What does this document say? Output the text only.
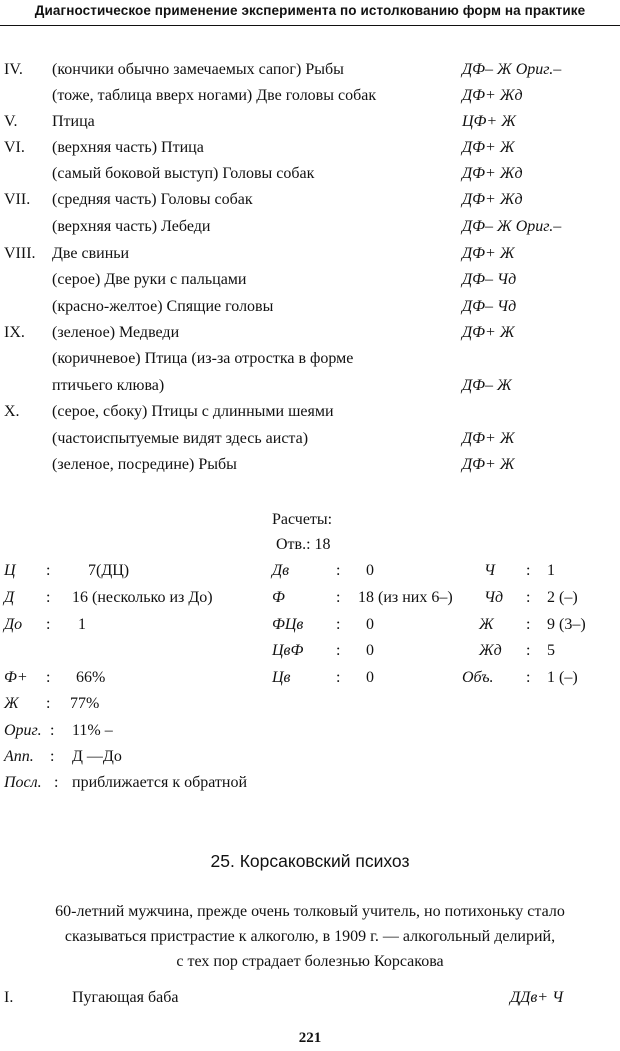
Диагностическое применение эксперимента по истолкованию форм на практике
IV. (кончики обычно замечаемых сапог) Рыбы	ДФ– Ж Ориг.–
(тоже, таблица вверх ногами) Две головы собак	ДФ+ Жд
V. Птица	ЦФ+ Ж
VI. (верхняя часть) Птица	ДФ+ Ж
(самый боковой выступ) Головы собак	ДФ+ Жд
VII. (средняя часть) Головы собак	ДФ+ Жд
(верхняя часть) Лебеди	ДФ– Ж Ориг.–
VIII. Две свиньи	ДФ+ Ж
(серое) Две руки с пальцами	ДФ– Чд
(красно-желтое) Спящие головы	ДФ– Чд
IX. (зеленое) Медведи	ДФ+ Ж
(коричневое) Птица (из-за отростка в форме
птичьего клюва)	ДФ– Ж
X. (серое, сбоку) Птицы с длинными шеями
(частоиспытуемые видят здесь аиста)	ДФ+ Ж
(зеленое, посредине) Рыбы	ДФ+ Ж
Расчеты:
Отв.: 18
Ц : 7(ДЦ)
Д : 16 (несколько из До)
До : 1
Дв	: 0
Ф	: 18 (из них 6–)
ФЦв : 0
ЦвФ : 0
Цв	: 0
Ч : 1
Чд : 2 (–)
Ж : 9 (3–)
Жд : 5
Объ. : 1 (–)
Ф+ : 66%
Ж : 77%
Ориг. : 11% –
Апп. : Д —До
Посл. : приближается к обратной
25. Корсаковский психоз
60-летний мужчина, прежде очень толковый учитель, но потихоньку стало
сказываться пристрастие к алкоголю, в 1909 г. — алкогольный делирий,
с тех пор страдает болезнью Корсакова
I.	Пугающая баба	ДДв+ Ч
221
